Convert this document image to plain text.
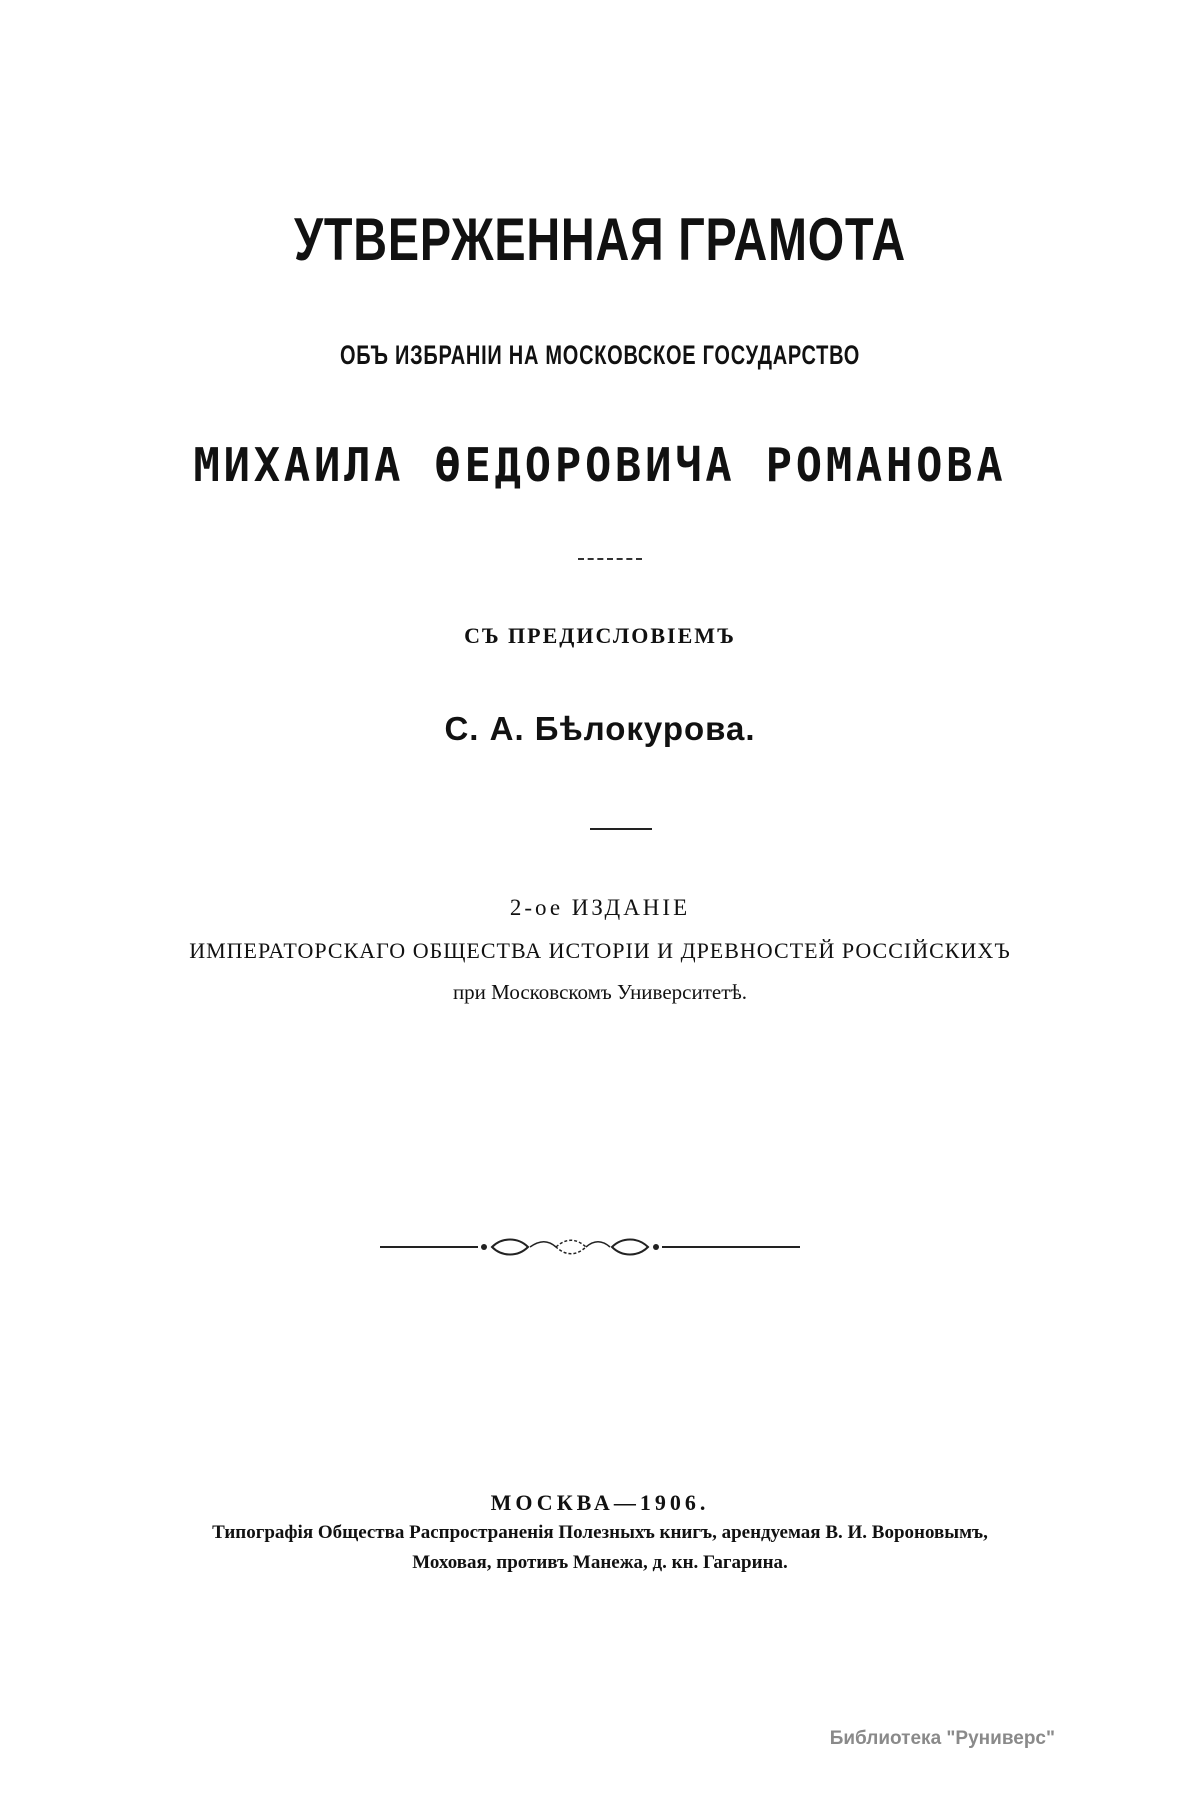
УТВЕРЖЕННАЯ ГРАМОТА
ОБЪ ИЗБРАНІИ НА МОСКОВСКОЕ ГОСУДАРСТВО
МИХАИЛА ѲЕДОРОВИЧА РОМАНОВА
СЪ ПРЕДИСЛОВІЕМЪ
С. А. Бѣлокурова.
2-ое ИЗДАНІЕ
ИМПЕРАТОРСКАГО ОБЩЕСТВА ИСТОРІИ И ДРЕВНОСТЕЙ РОССІЙСКИХЪ
при Московскомъ Университетѣ.
МОСКВА—1906.
Типографія Общества Распространенія Полезныхъ книгъ, арендуемая В. И. Вороновымъ,
Моховая, противъ Манежа, д. кн. Гагарина.
Библиотека "Руниверс"
